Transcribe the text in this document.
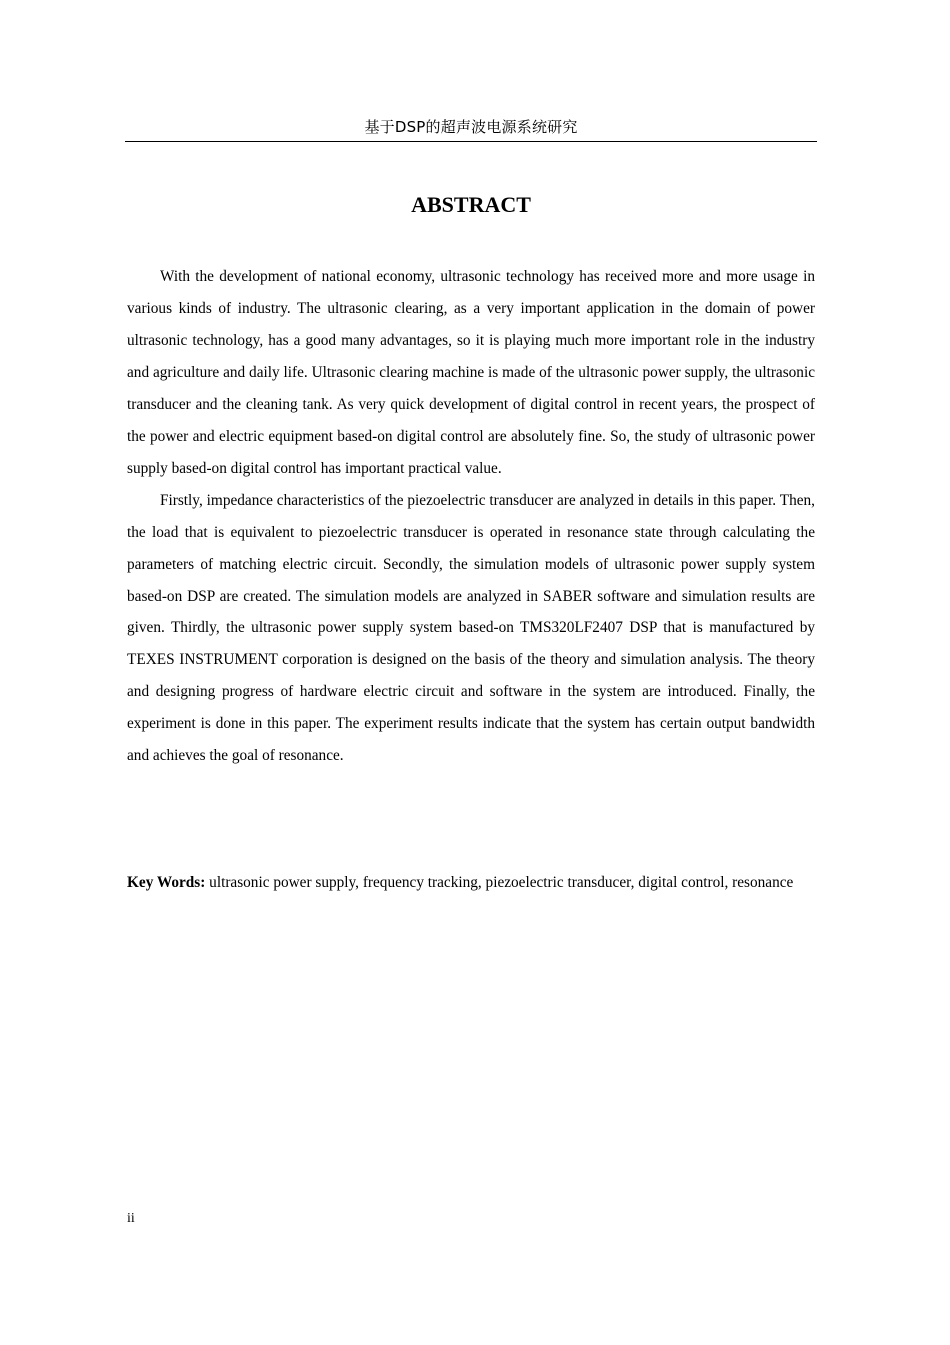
基于DSP的超声波电源系统研究
ABSTRACT

With the development of national economy, ultrasonic technology has received more and more usage in various kinds of industry. The ultrasonic clearing, as a very important application in the domain of power ultrasonic technology, has a good many advantages, so it is playing much more important role in the industry and agriculture and daily life. Ultrasonic clearing machine is made of the ultrasonic power supply, the ultrasonic transducer and the cleaning tank. As very quick development of digital control in recent years, the prospect of the power and electric equipment based-on digital control are absolutely fine. So, the study of ultrasonic power supply based-on digital control has important practical value.

Firstly, impedance characteristics of the piezoelectric transducer are analyzed in details in this paper. Then, the load that is equivalent to piezoelectric transducer is operated in resonance state through calculating the parameters of matching electric circuit. Secondly, the simulation models of ultrasonic power supply system based-on DSP are created. The simulation models are analyzed in SABER software and simulation results are given. Thirdly, the ultrasonic power supply system based-on TMS320LF2407 DSP that is manufactured by TEXES INSTRUMENT corporation is designed on the basis of the theory and simulation analysis. The theory and designing progress of hardware electric circuit and software in the system are introduced. Finally, the experiment is done in this paper. The experiment results indicate that the system has certain output bandwidth and achieves the goal of resonance.

Key Words: ultrasonic power supply, frequency tracking, piezoelectric transducer, digital control, resonance

ii
